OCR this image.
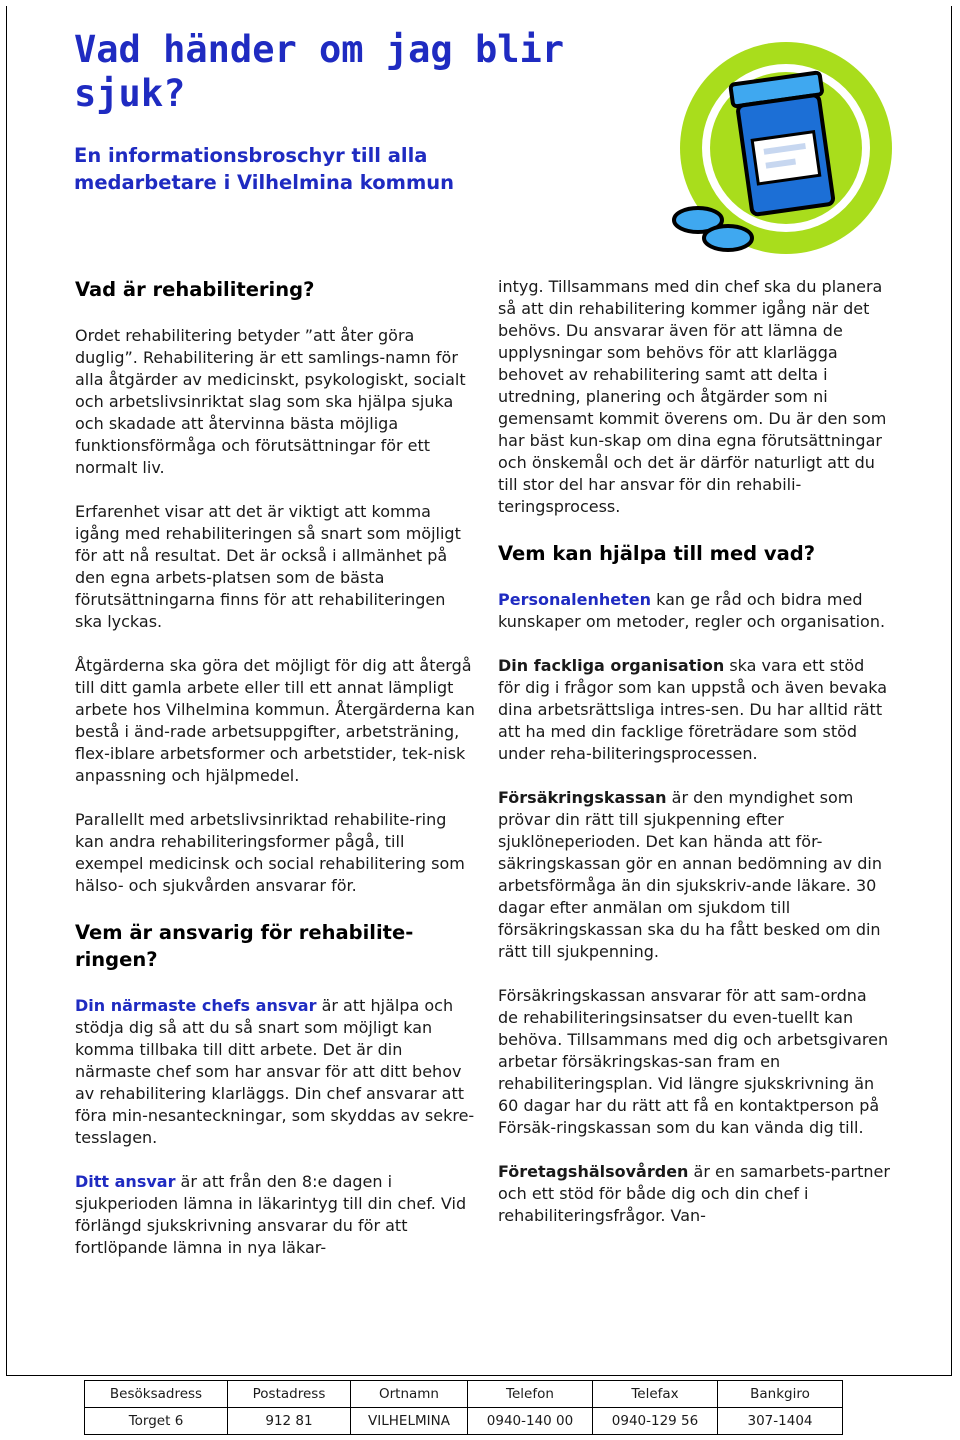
Vad händer om jag blir sjuk?
En informationsbroschyr till alla medarbetare i Vilhelmina kommun
Vad är rehabilitering?

Ordet rehabilitering betyder ”att åter göra duglig”. Rehabilitering är ett samlings-namn för alla åtgärder av medicinskt, psykologiskt, socialt och arbetslivsinriktat slag som ska hjälpa sjuka och skadade att återvinna bästa möjliga funktionsförmåga och förutsättningar för ett normalt liv.

Erfarenhet visar att det är viktigt att komma igång med rehabiliteringen så snart som möjligt för att nå resultat. Det är också i allmänhet på den egna arbets-platsen som de bästa förutsättningarna finns för att rehabiliteringen ska lyckas.

Åtgärderna ska göra det möjligt för dig att återgå till ditt gamla arbete eller till ett annat lämpligt arbete hos Vilhelmina kommun. Återgärderna kan bestå i änd-rade arbetsuppgifter, arbetsträning, flex-iblare arbetsformer och arbetstider, tek-nisk anpassning och hjälpmedel.

Parallellt med arbetslivsinriktad rehabilite-ring kan andra rehabiliteringsformer pågå, till exempel medicinsk och social rehabilitering som hälso- och sjukvården ansvarar för.

Vem är ansvarig för rehabilite-ringen?

Din närmaste chefs ansvar är att hjälpa och stödja dig så att du så snart som möjligt kan komma tillbaka till ditt arbete. Det är din närmaste chef som har ansvar för att ditt behov av rehabilitering klarläggs. Din chef ansvarar att föra min-nesanteckningar, som skyddas av sekre-tesslagen.

Ditt ansvar är att från den 8:e dagen i sjukperioden lämna in läkarintyg till din chef. Vid förlängd sjukskrivning ansvarar du för att fortlöpande lämna in nya läkar-

intyg. Tillsammans med din chef ska du planera så att din rehabilitering kommer igång när det behövs. Du ansvarar även för att lämna de upplysningar som behövs för att klarlägga behovet av rehabilitering samt att delta i utredning, planering och åtgärder som ni gemensamt kommit överens om. Du är den som har bäst kun-skap om dina egna förutsättningar och önskemål och det är därför naturligt att du till stor del har ansvar för din rehabili-teringsprocess.

Vem kan hjälpa till med vad?

Personalenheten kan ge råd och bidra med kunskaper om metoder, regler och organisation.

Din fackliga organisation ska vara ett stöd för dig i frågor som kan uppstå och även bevaka dina arbetsrättsliga intres-sen. Du har alltid rätt att ha med din facklige företrädare som stöd under reha-biliteringsprocessen.

Försäkringskassan är den myndighet som prövar din rätt till sjukpenning efter sjuklöneperioden. Det kan hända att för-säkringskassan gör en annan bedömning av din arbetsförmåga än din sjukskriv-ande läkare. 30 dagar efter anmälan om sjukdom till försäkringskassan ska du ha fått besked om din rätt till sjukpenning.

Försäkringskassan ansvarar för att sam-ordna de rehabiliteringsinsatser du even-tuellt kan behöva. Tillsammans med dig och arbetsgivaren arbetar försäkringskas-san fram en rehabiliteringsplan. Vid längre sjukskrivning än 60 dagar har du rätt att få en kontaktperson på Försäk-ringskassan som du kan vända dig till.

Företagshälsovården är en samarbets-partner och ett stöd för både dig och din chef i rehabiliteringsfrågor. Van-

Besöksadress	Postadress	Ortnamn	Telefon	Telefax	Bankgiro
Torget 6	912 81	VILHELMINA	0940-140 00	0940-129 56	307-1404
